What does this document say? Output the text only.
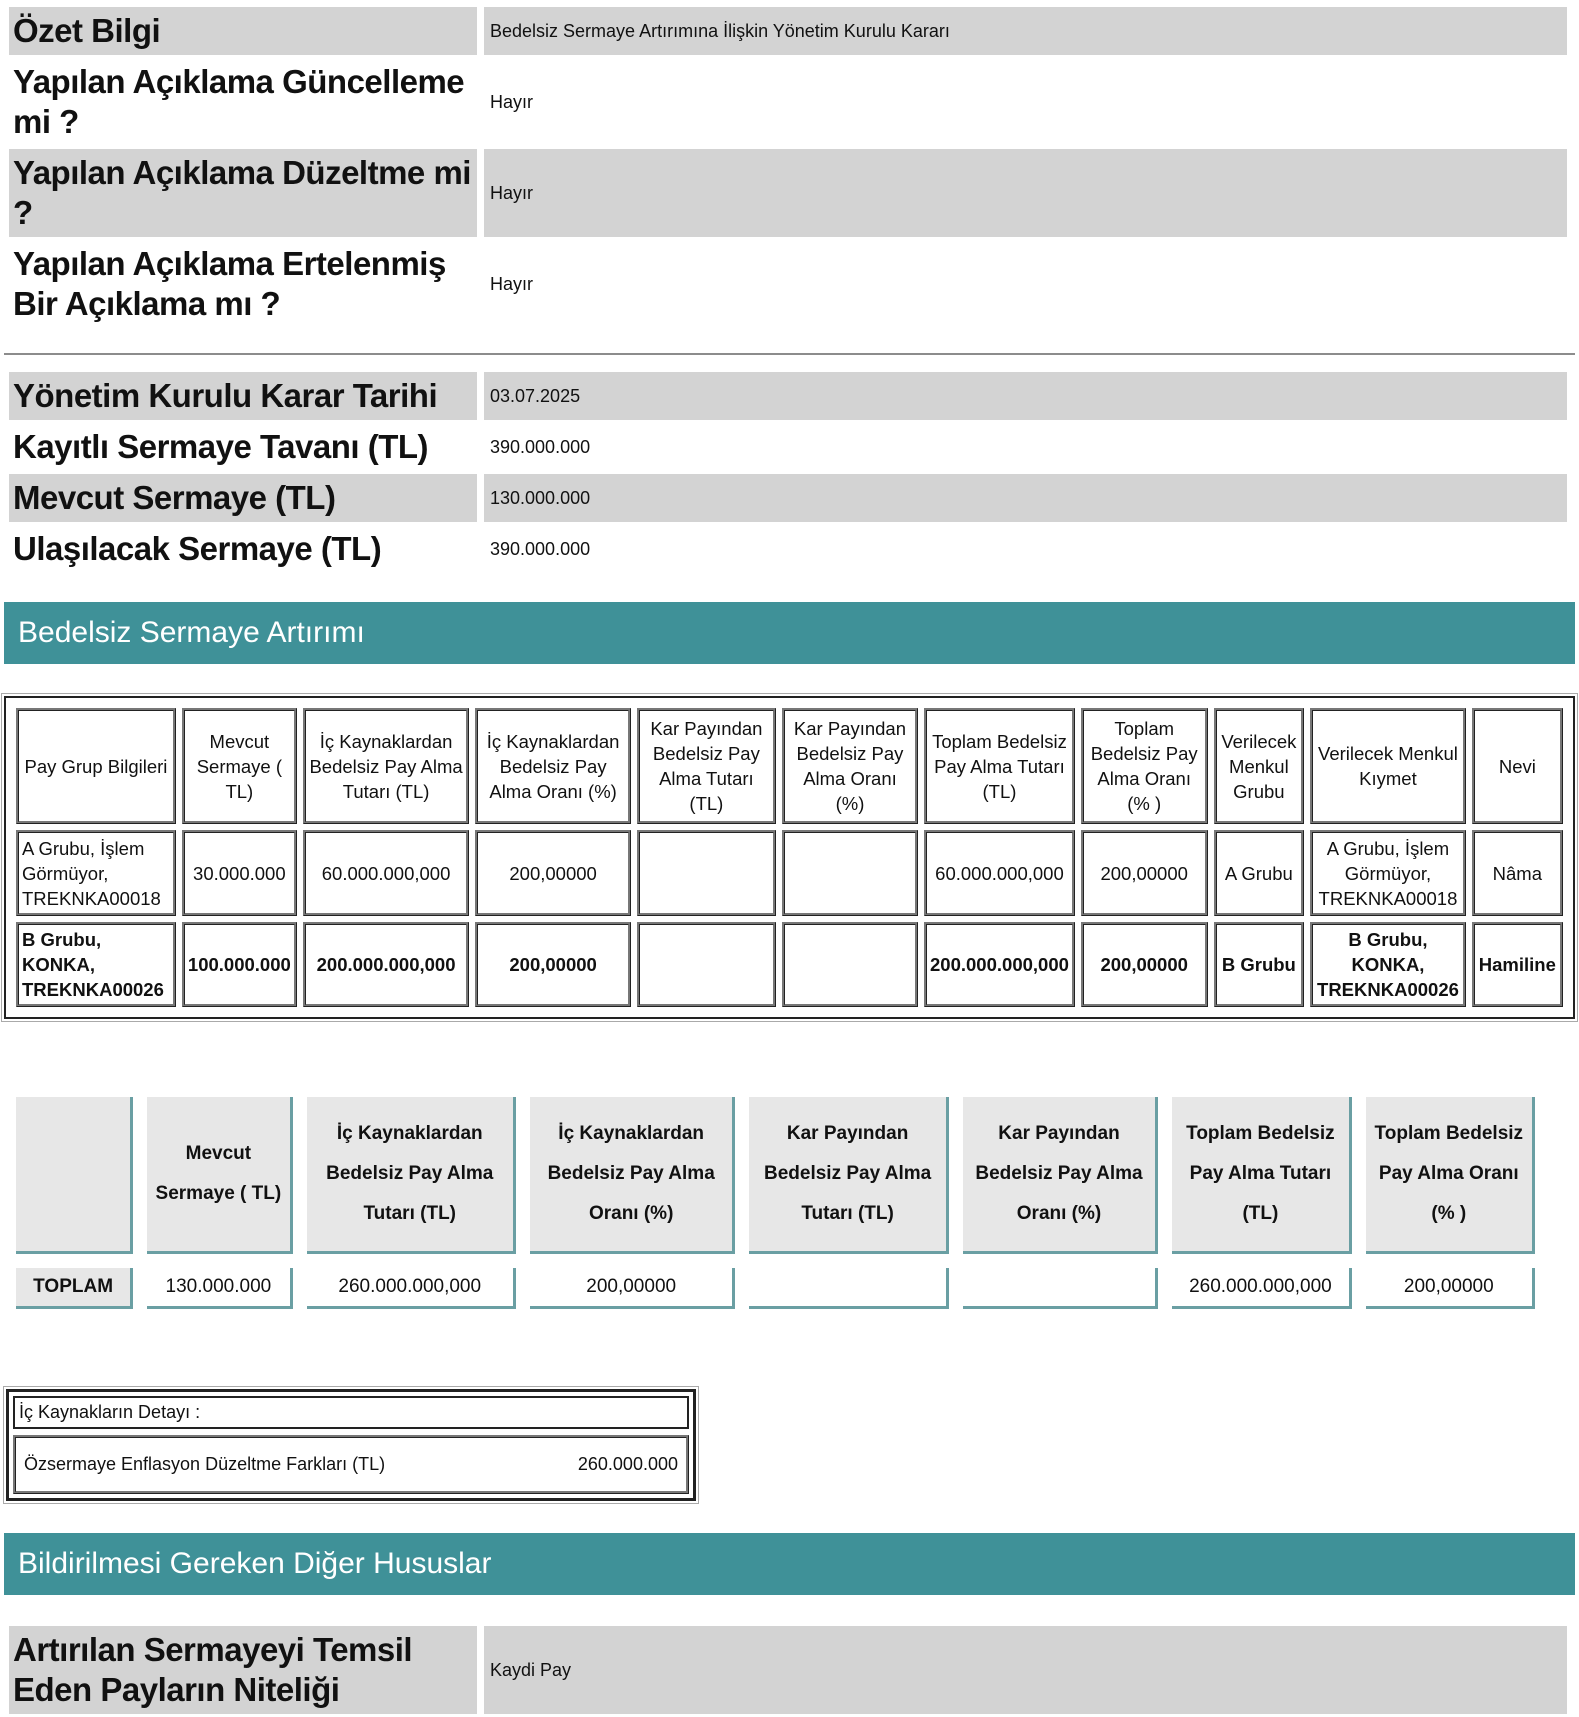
Özet Bilgi	Bedelsiz Sermaye Artırımına İlişkin Yönetim Kurulu Kararı
Yapılan Açıklama Güncelleme mi ?	Hayır
Yapılan Açıklama Düzeltme mi ?	Hayır
Yapılan Açıklama Ertelenmiş Bir Açıklama mı ?	Hayır
Yönetim Kurulu Karar Tarihi	03.07.2025
Kayıtlı Sermaye Tavanı (TL)	390.000.000
Mevcut Sermaye (TL)	130.000.000
Ulaşılacak Sermaye (TL)	390.000.000
Bedelsiz Sermaye Artırımı
Pay Grup Bilgileri	Mevcut Sermaye ( TL)	İç Kaynaklardan Bedelsiz Pay Alma Tutarı (TL)	İç Kaynaklardan Bedelsiz Pay Alma Oranı (%)	Kar Payından Bedelsiz Pay Alma Tutarı (TL)	Kar Payından Bedelsiz Pay Alma Oranı (%)	Toplam Bedelsiz Pay Alma Tutarı (TL)	Toplam Bedelsiz Pay Alma Oranı (% )	Verilecek Menkul Grubu	Verilecek Menkul Kıymet	Nevi
A Grubu, İşlem Görmüyor, TREKNKA00018	30.000.000	60.000.000,000	200,00000			60.000.000,000	200,00000	A Grubu	A Grubu, İşlem Görmüyor, TREKNKA00018	Nâma
B Grubu, KONKA, TREKNKA00026	100.000.000	200.000.000,000	200,00000			200.000.000,000	200,00000	B Grubu	B Grubu, KONKA, TREKNKA00026	Hamiline
	Mevcut Sermaye ( TL)	İç Kaynaklardan Bedelsiz Pay Alma Tutarı (TL)	İç Kaynaklardan Bedelsiz Pay Alma Oranı (%)	Kar Payından Bedelsiz Pay Alma Tutarı (TL)	Kar Payından Bedelsiz Pay Alma Oranı (%)	Toplam Bedelsiz Pay Alma Tutarı (TL)	Toplam Bedelsiz Pay Alma Oranı (% )
TOPLAM	130.000.000	260.000.000,000	200,00000			260.000.000,000	200,00000
İç Kaynakların Detayı :
Özsermaye Enflasyon Düzeltme Farkları (TL)	260.000.000
Bildirilmesi Gereken Diğer Hususlar
Artırılan Sermayeyi Temsil Eden Payların Niteliği	Kaydi Pay
